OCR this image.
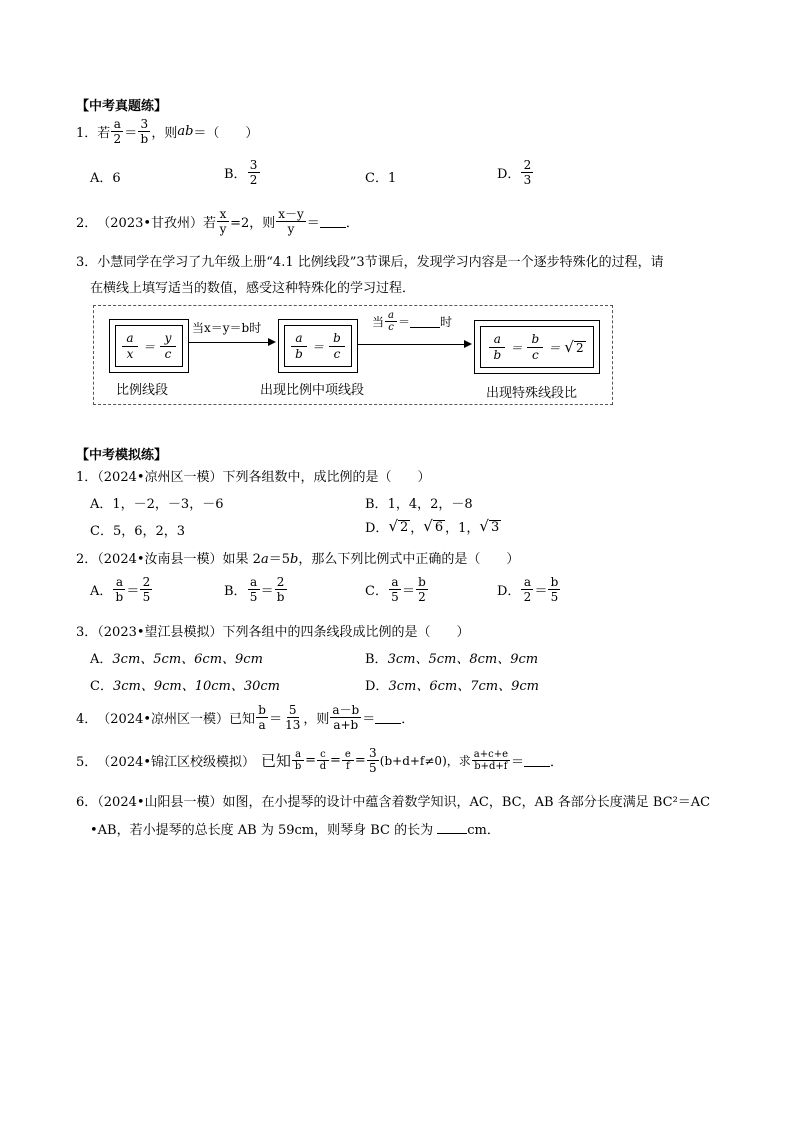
【中考真题练】
1． 若 $\frac{a}{2} = \frac{3}{b}$ ，则 ab ＝（　　）
A．6	B． $\frac{3}{2}$	C．1	D． $\frac{2}{3}$
2． （2023•甘孜州） 若 $\frac{x}{y} =2$，则 $\frac{x-y}{y}$ ＝ ．
3．小慧同学在学习了九年级上册“4.1 比例线段”3节课后，发现学习内容是一个逐步特殊化的过程，请
在横线上填写适当的数值，感受这种特殊化的学习过程．
$\frac{a}{x} = \frac{y}{c}$
比例线段
当x＝y＝b时
$\frac{a}{b} = \frac{b}{c}$
出现比例中项线段
当 $\frac{a}{c}$ ＝	时
$\frac{a}{b} = \frac{b}{c}$ ＝ √ 2
出现特殊线段比
【中考模拟练】
1．（2024•凉州区一模）下列各组数中，成比例的是（　　）
A．1，－2，－3，－6	B．1，4，2，－8
C．5，6，2，3	D． √ 2 ， √ 6 ，1， √ 3
2．（2024•汝南县一模）如果 2a＝5b，那么下列比例式中正确的是（　　）
A． $\frac{a}{b} = \frac{2}{5}$	B． $\frac{a}{5} = \frac{2}{b}$	C． $\frac{a}{5} = \frac{b}{2}$	D． $\frac{a}{2} = \frac{b}{5}$
3．（2023•望江县模拟）下列各组中的四条线段成比例的是（　　）
A．3cm、5cm、6cm、9cm	B．3cm、5cm、8cm、9cm
C．3cm、9cm、10cm、30cm	D．3cm、6cm、7cm、9cm
4． （2024•凉州区一模） 已知 $\frac{b}{a} = \frac{5}{13}$ ，则 $\frac{a-b}{a+b}$ ＝ ．
5． （2024•锦江区校级模拟） 已知 $\frac{a}{b} = \frac{c}{d} = \frac{e}{f} = \frac{3}{5} (b+d+f\ne 0)$，求 $\frac{a+c+e}{b+d+f}$ ＝ ．
6．（2024•山阳县一模）如图，在小提琴的设计中蕴含着数学知识，AC，BC，AB 各部分长度满足 BC²＝AC
•AB，若小提琴的总长度 AB 为 59cm，则琴身 BC 的长为 cm．
